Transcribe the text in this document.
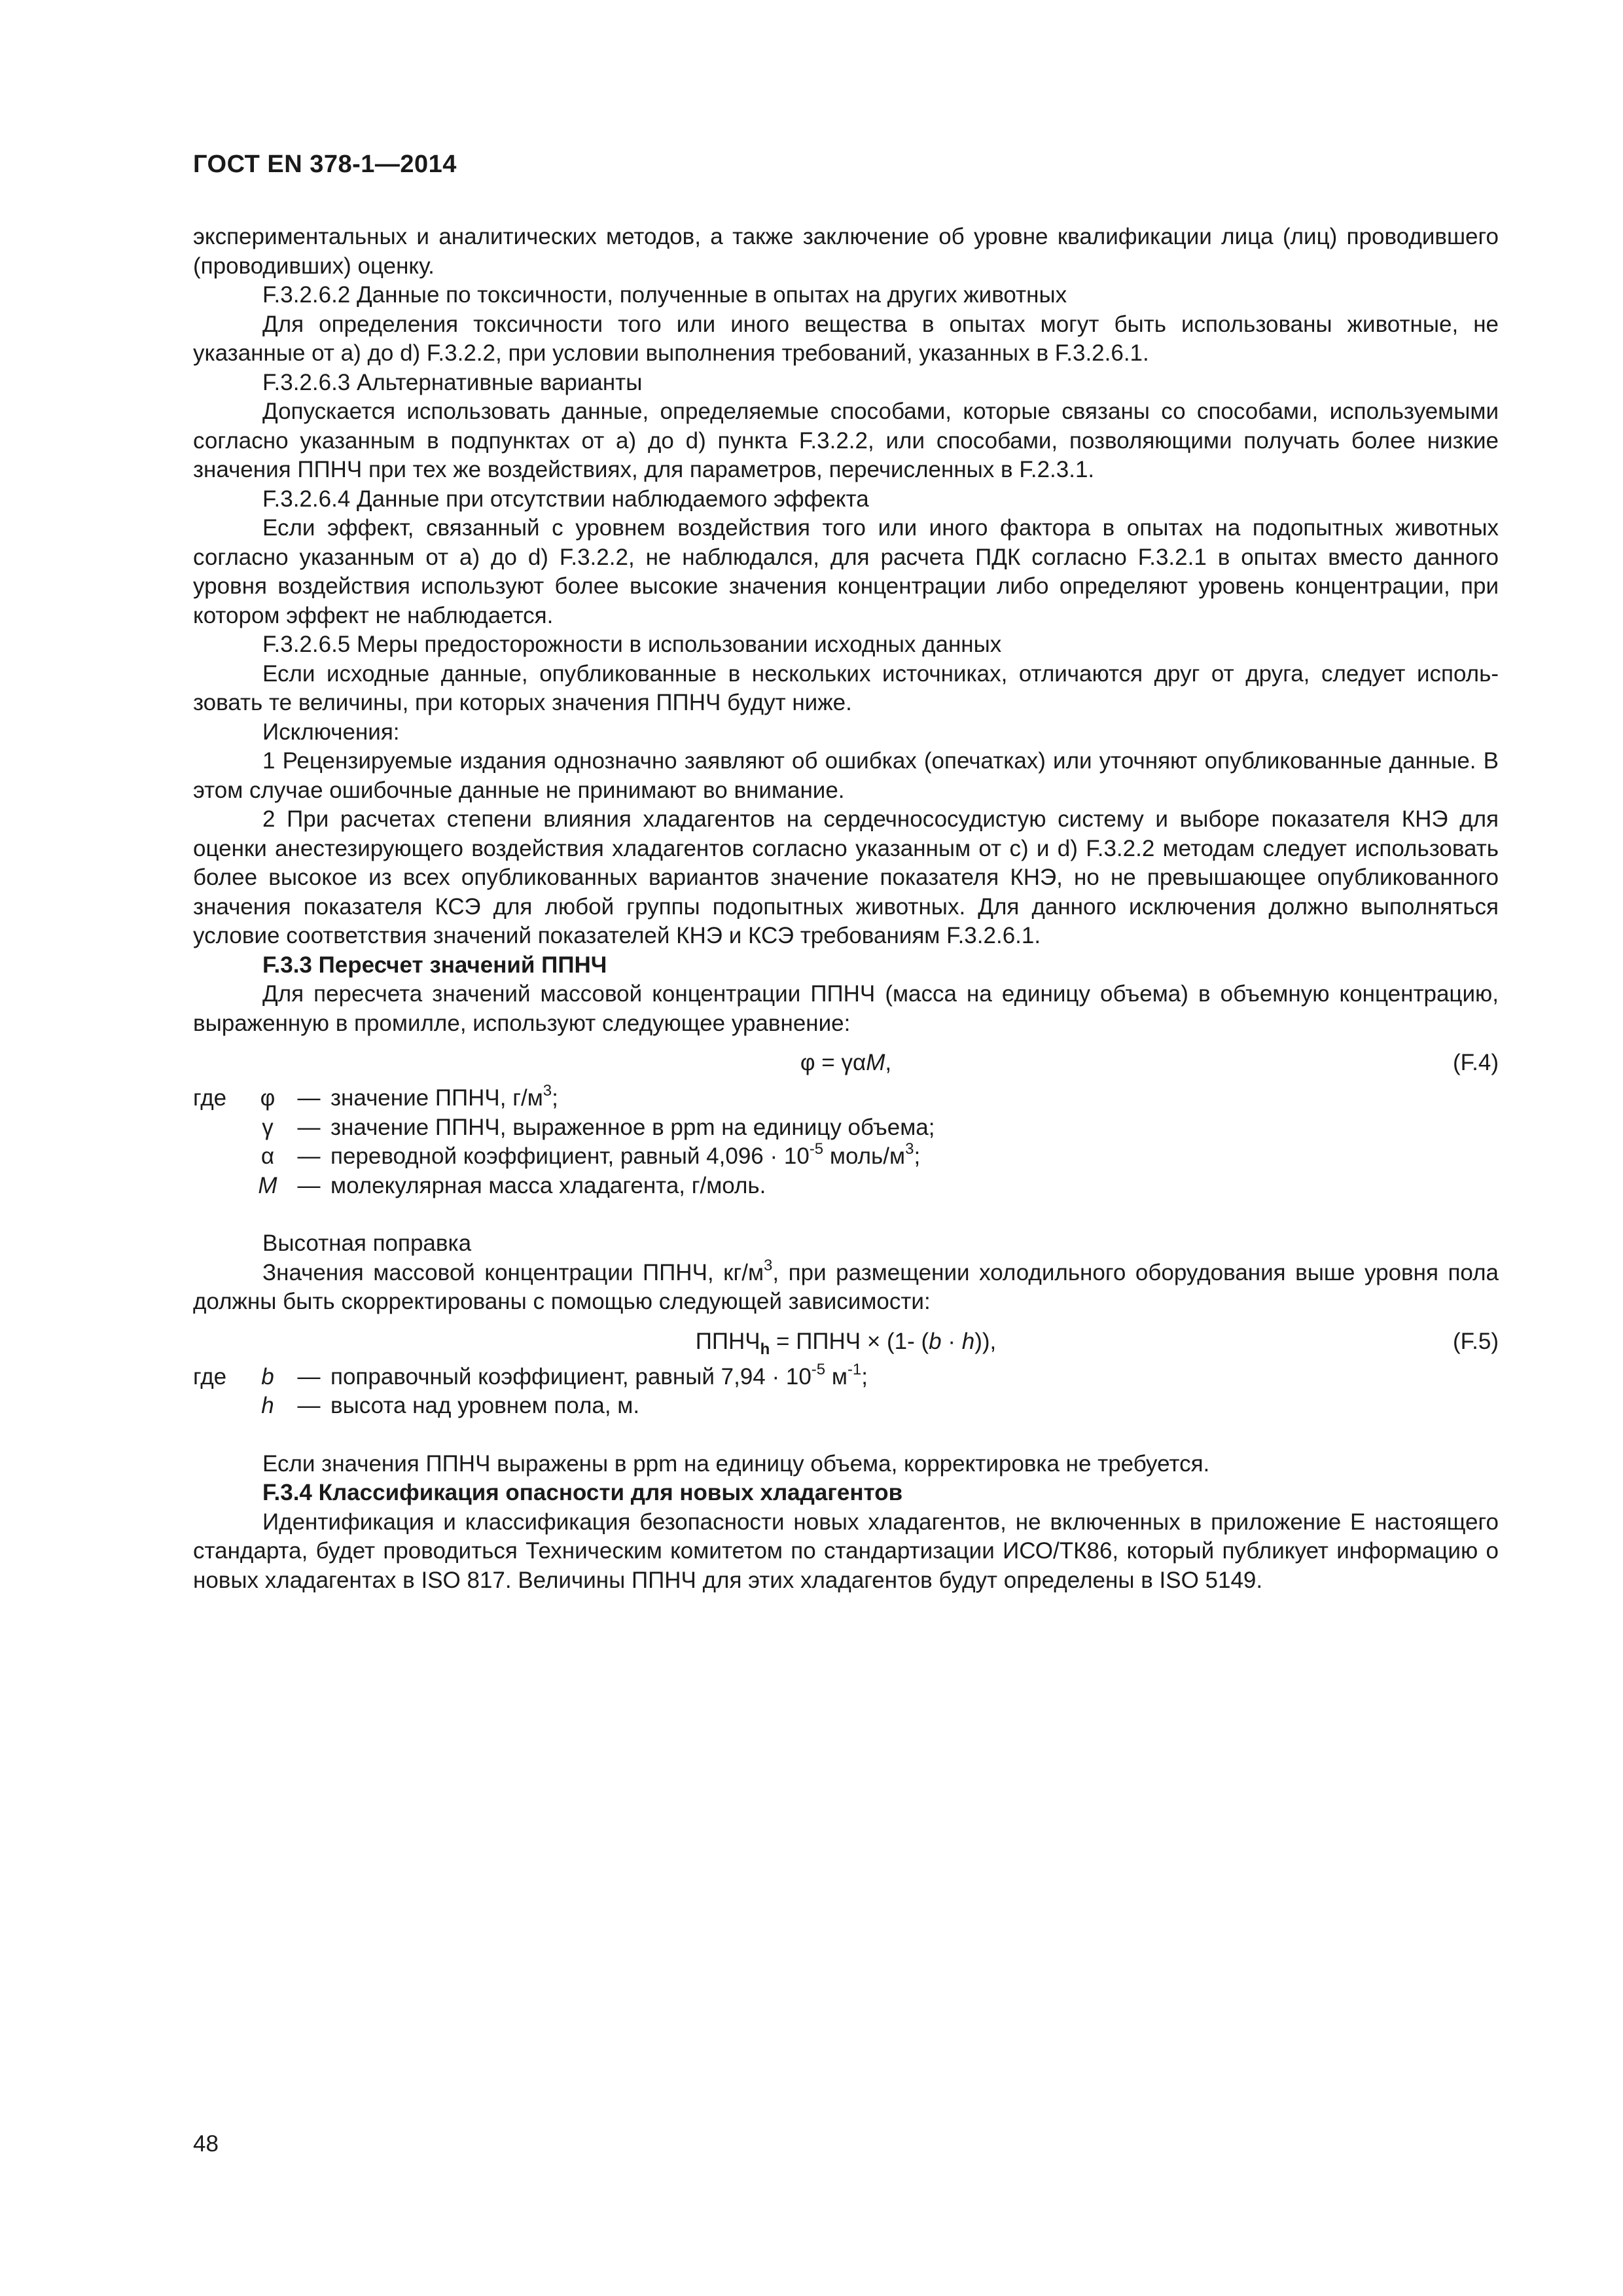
ГОСТ EN 378-1—2014

экспериментальных и аналитических методов, а также заключение об уровне квалификации лица (лиц) проводившего (проводивших) оценку.

F.3.2.6.2 Данные по токсичности, полученные в опытах на других животных

Для определения токсичности того или иного вещества в опытах могут быть использованы животные, не указанные от а) до d) F.3.2.2, при условии выполнения требований, указанных в F.3.2.6.1.

F.3.2.6.3 Альтернативные варианты

Допускается использовать данные, определяемые способами, которые связаны со способами, используемыми согласно указанным в подпунктах от а) до d) пункта F.3.2.2, или способами, позволяющими получать более низкие значения ППНЧ при тех же воздействиях, для параметров, перечисленных в F.2.3.1.

F.3.2.6.4 Данные при отсутствии наблюдаемого эффекта

Если эффект, связанный с уровнем воздействия того или иного фактора в опытах на подопытных животных согласно указанным от а) до d) F.3.2.2, не наблюдался, для расчета ПДК согласно F.3.2.1 в опытах вместо данного уровня воздействия используют более высокие значения концентрации либо определяют уровень концентрации, при котором эффект не наблюдается.

F.3.2.6.5 Меры предосторожности в использовании исходных данных

Если исходные данные, опубликованные в нескольких источниках, отличаются друг от друга, следует использовать те величины, при которых значения ППНЧ будут ниже.

Исключения:

1 Рецензируемые издания однозначно заявляют об ошибках (опечатках) или уточняют опубликованные данные. В этом случае ошибочные данные не принимают во внимание.

2 При расчетах степени влияния хладагентов на сердечнососудистую систему и выборе показателя КНЭ для оценки анестезирующего воздействия хладагентов согласно указанным от с) и d) F.3.2.2 методам следует использовать более высокое из всех опубликованных вариантов значение показателя КНЭ, но не превышающее опубликованного значения показателя КСЭ для любой группы подопытных животных. Для данного исключения должно выполняться условие соответствия значений показателей КНЭ и КСЭ требованиям F.3.2.6.1.

F.3.3 Пересчет значений ППНЧ

Для пересчета значений массовой концентрации ППНЧ (масса на единицу объема) в объемную концентрацию, выраженную в промилле, используют следующее уравнение:

φ = γαM,	(F.4)
где	φ	—	значение ППНЧ, $г/м^3$;
	γ	—	значение ППНЧ, выраженное в ppm на единицу объема;
	α	—	переводной коэффициент, равный $4,096 \cdot 10^{-5}$ моль/$м^3$;
	M	—	молекулярная масса хладагента, г/моль.

Высотная поправка

Значения массовой концентрации ППНЧ, $кг/м^3$, при размещении холодильного оборудования выше уровня пола должны быть скорректированы с помощью следующей зависимости:

$ППНЧ_h$ = ППНЧ × (1- (b · h)),	(F.5)
где	b	—	поправочный коэффициент, равный $7,94 \cdot 10^{-5}$ $м^{-1}$;
	h	—	высота над уровнем пола, м.

Если значения ППНЧ выражены в ppm на единицу объема, корректировка не требуется.

F.3.4 Классификация опасности для новых хладагентов

Идентификация и классификация безопасности новых хладагентов, не включенных в приложение Е настоящего стандарта, будет проводиться Техническим комитетом по стандартизации ИСО/ТК86, который публикует информацию о новых хладагентах в ISO 817. Величины ППНЧ для этих хладагентов будут определены в ISO 5149.

48
